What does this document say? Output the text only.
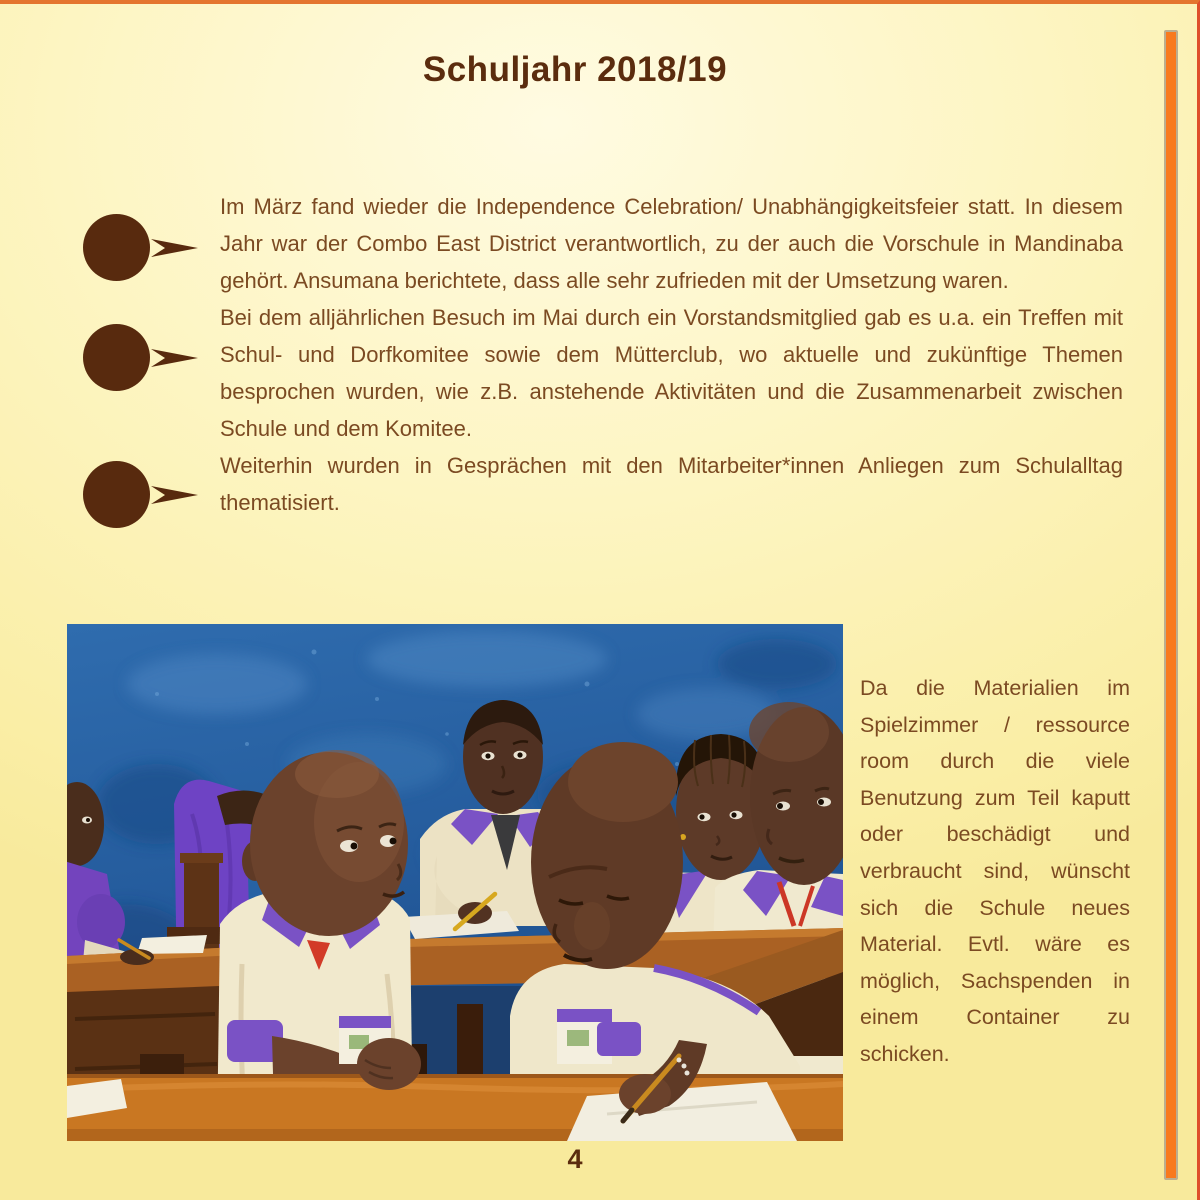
Schuljahr 2018/19

Im März fand wieder die Independence Celebration/ Unabhängigkeitsfeier statt. In diesem Jahr war der Combo East District verantwortlich, zu der auch die Vorschule in Mandinaba gehört. Ansumana berichtete, dass alle sehr zufrieden mit der Umsetzung waren.

Bei dem alljährlichen Besuch im Mai durch ein Vorstandsmitglied gab es u.a. ein Treffen mit Schul- und Dorfkomitee sowie dem Mütterclub, wo aktuelle und zukünftige Themen besprochen wurden, wie z.B. anstehende Aktivitäten und die Zusammenarbeit zwischen Schule und dem Komitee.

Weiterhin wurden in Gesprächen mit den Mitarbeiter*innen Anliegen zum Schulalltag thematisiert.

Da die Materialien im Spielzimmer / ressource room durch die viele Benutzung zum Teil kaputt oder beschädigt und verbraucht sind, wünscht sich die Schule neues Material. Evtl. wäre es möglich, Sachspenden in einem Container zu schicken.

4
